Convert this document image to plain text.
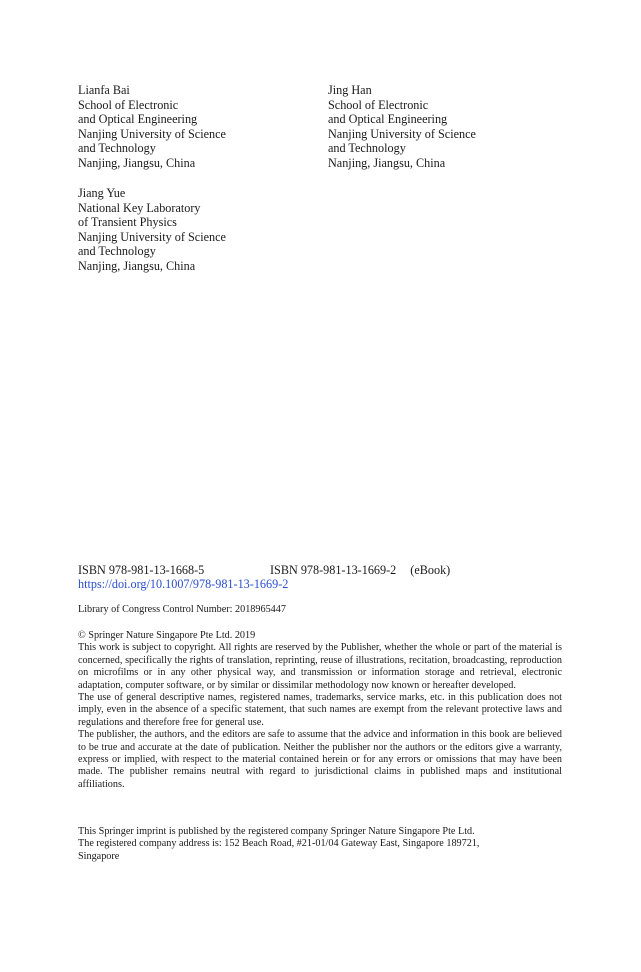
Lianfa Bai
School of Electronic
and Optical Engineering
Nanjing University of Science
and Technology
Nanjing, Jiangsu, China
Jing Han
School of Electronic
and Optical Engineering
Nanjing University of Science
and Technology
Nanjing, Jiangsu, China
Jiang Yue
National Key Laboratory
of Transient Physics
Nanjing University of Science
and Technology
Nanjing, Jiangsu, China
ISBN 978-981-13-1668-5	ISBN 978-981-13-1669-2 (eBook)
https://doi.org/10.1007/978-981-13-1669-2
Library of Congress Control Number: 2018965447

© Springer Nature Singapore Pte Ltd. 2019

This work is subject to copyright. All rights are reserved by the Publisher, whether the whole or part of the material is concerned, specifically the rights of translation, reprinting, reuse of illustrations, recitation, broadcasting, reproduction on microfilms or in any other physical way, and transmission or information storage and retrieval, electronic adaptation, computer software, or by similar or dissimilar methodology now known or hereafter developed.

The use of general descriptive names, registered names, trademarks, service marks, etc. in this publication does not imply, even in the absence of a specific statement, that such names are exempt from the relevant protective laws and regulations and therefore free for general use.

The publisher, the authors, and the editors are safe to assume that the advice and information in this book are believed to be true and accurate at the date of publication. Neither the publisher nor the authors or the editors give a warranty, express or implied, with respect to the material contained herein or for any errors or omissions that may have been made. The publisher remains neutral with regard to jurisdictional claims in published maps and institutional affiliations.

This Springer imprint is published by the registered company Springer Nature Singapore Pte Ltd.

The registered company address is: 152 Beach Road, #21-01/04 Gateway East, Singapore 189721,

Singapore
